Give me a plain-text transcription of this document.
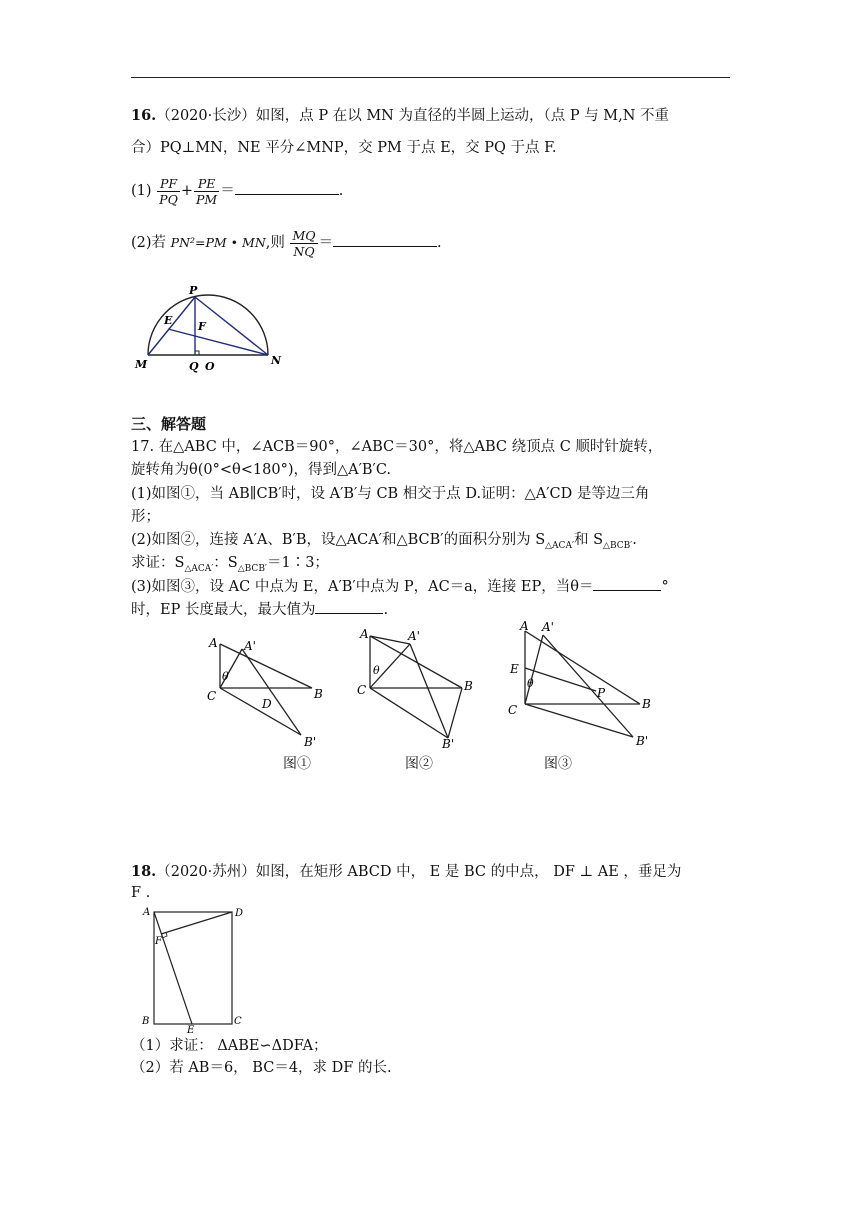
16.（2020·长沙）如图，点 P 在以 MN 为直径的半圆上运动，（点 P 与 M,N 不重
合）PQ⊥MN，NE 平分∠MNP，交 PM 于点 E，交 PQ 于点 F.
$(1) \frac{PF}{PQ} + \frac{PE}{PM}$ ＝	.
(2)若 PN²=PM • MN,则 $\frac{MQ}{NQ}$ ＝	.
P
E F
M	Q O	N
三、解答题
17. 在△ABC 中，∠ACB＝90°，∠ABC＝30°，将△ABC 绕顶点 C 顺时针旋转，
旋转角为θ(0°<θ<180°)，得到△A′B′C.
(1)如图①，当 AB∥CB′时，设 A′B′与 CB 相交于点 D.证明：△A′CD 是等边三角
形；
(2)如图②，连接 A′A、B′B，设△ACA′和△BCB′的面积分别为 $S_{\triangle ACA'}$和 $S_{\triangle BCB'}$.
求证：$S_{\triangle ACA'}$：$S_{\triangle BCB'}=1∶3$；
(3)如图③，设 AC 中点为 E，A′B′中点为 P，AC＝a，连接 EP，当θ＝	°
时，EP 长度最大，最大值为	.
A A'
θ
C
D
B
B'
A	A'
θ
C	B
B'
A A'
E
θ
P
C	B
B'
图①	图②	图③
18.（2020·苏州）如图，在矩形 ABCD 中， E 是 BC 的中点， DF ⊥ AE ，垂足为
F .
A	D
F
B
E
C
（1）求证： ΔABE∽ΔDFA；
（2）若 AB＝6， BC＝4，求 DF 的长.
